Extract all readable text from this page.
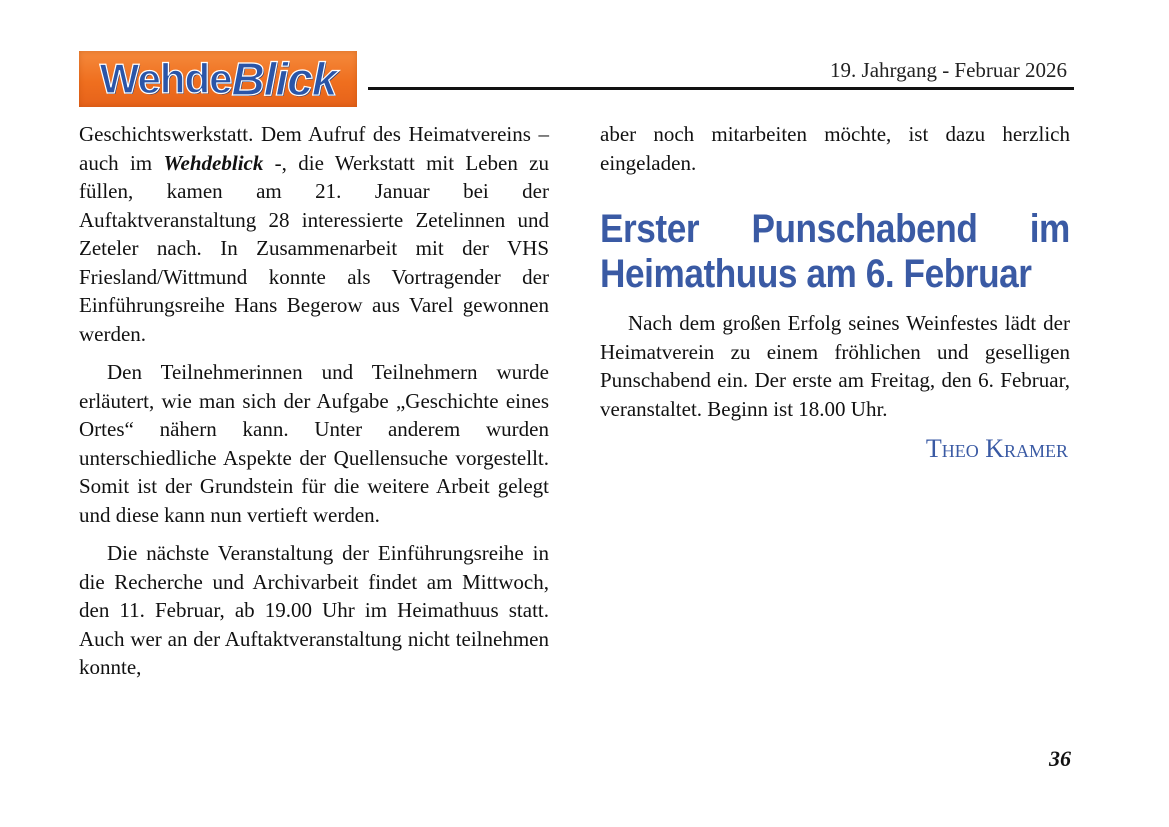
Wehde Blick	19. Jahrgang - Februar 2026

Geschichtswerkstatt. Dem Aufruf des Heimatvereins – auch im Wehdeblick -, die Werkstatt mit Leben zu füllen, kamen am 21. Januar bei der Auftaktveranstaltung 28 interessierte Zetelinnen und Zeteler nach. In Zusammenarbeit mit der VHS Friesland/Wittmund konnte als Vortragender der Einführungsreihe Hans Begerow aus Varel gewonnen werden.

Den Teilnehmerinnen und Teilnehmern wurde erläutert, wie man sich der Aufgabe „Geschichte eines Ortes“ nähern kann. Unter anderem wurden unterschiedliche Aspekte der Quellensuche vorgestellt. Somit ist der Grundstein für die weitere Arbeit gelegt und diese kann nun vertieft werden.

Die nächste Veranstaltung der Einführungsreihe in die Recherche und Archivarbeit findet am Mittwoch, den 11. Februar, ab 19.00 Uhr im Heimathuus statt. Auch wer an der Auftaktveranstaltung nicht teilnehmen konnte,

aber noch mitarbeiten möchte, ist dazu herzlich eingeladen.

Erster Punschabend im Heimathuus am 6. Februar

Nach dem großen Erfolg seines Weinfestes lädt der Heimatverein zu einem fröhlichen und geselligen Punschabend ein. Der erste am Freitag, den 6. Februar, veranstaltet. Beginn ist 18.00 Uhr.

Theo Kramer
36
